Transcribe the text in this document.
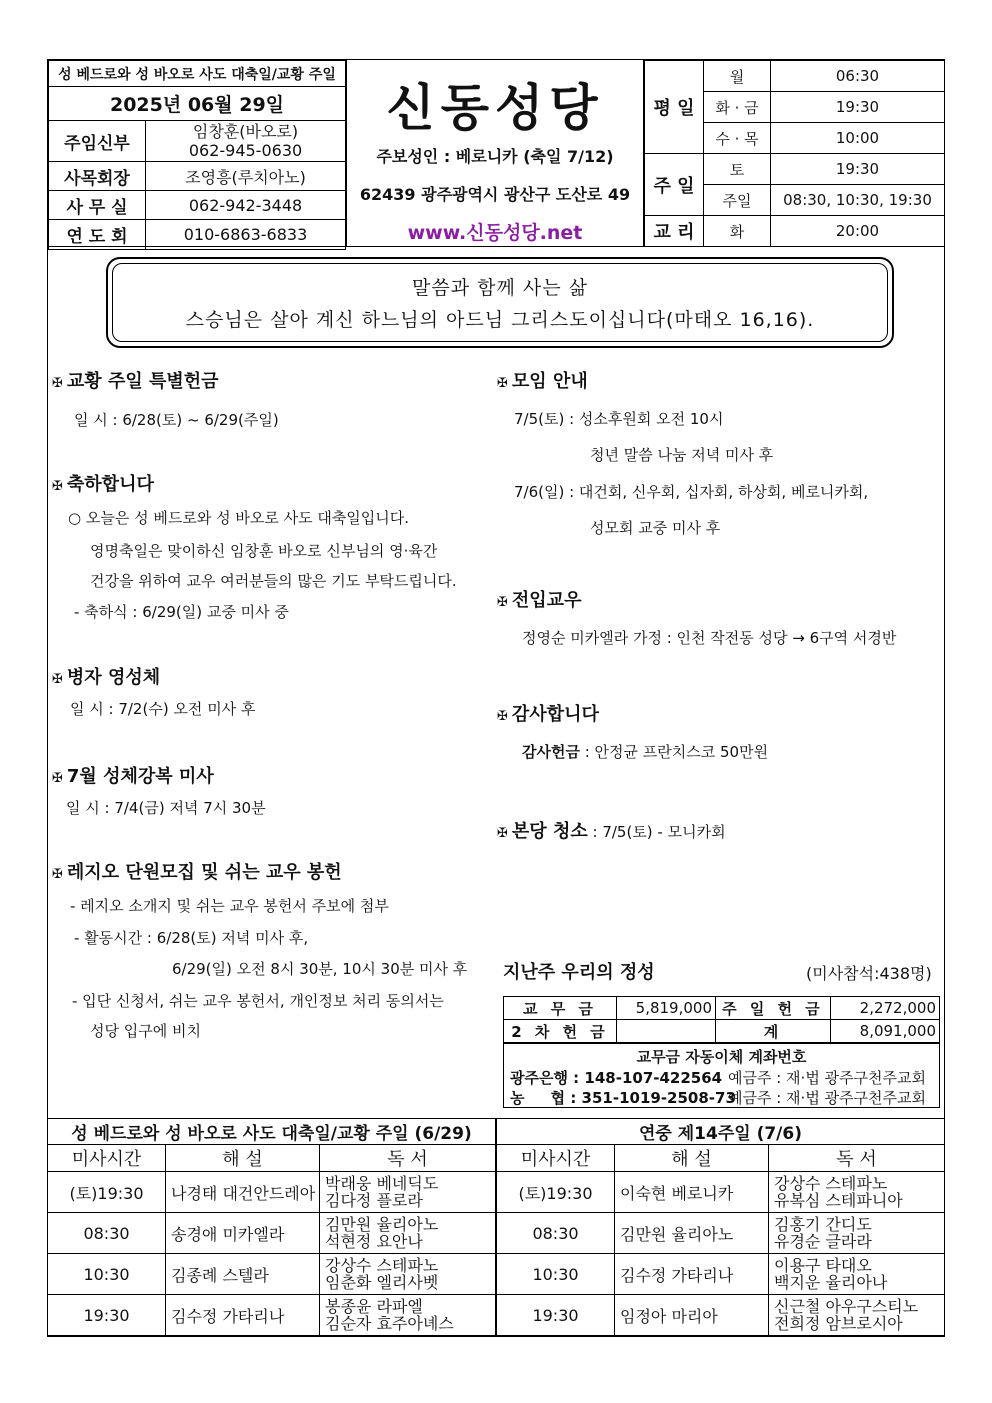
성 베드로와 성 바오로 사도 대축일/교황 주일	
2025년 06월 29일	
주임신부	임창훈(바오로)
062-945-0630

사목회장	조영흥(루치아노)
사 무 실	062-942-3448
연 도 회	010-6863-6833
신동성당
주보성인 : 베로니카 (축일 7/12)
62439 광주광역시 광산구 도산로 49
www.신동성당.net
평 일	월	06:30
	화 · 금	19:30
	수 · 목	10:00
주 일	토	19:30
	주일	08:30, 10:30, 19:30
교 리	화	20:00
말씀과 함께 사는 삶
스승님은 살아 계신 하느님의 아드님 그리스도이십니다(마태오 16,16).
✠ 교황 주일 특별헌금
일 시 : 6/28(토) ~ 6/29(주일)
✠ 축하합니다
○ 오늘은 성 베드로와 성 바오로 사도 대축일입니다.
영명축일은 맞이하신 임창훈 바오로 신부님의 영·육간
건강을 위하여 교우 여러분들의 많은 기도 부탁드립니다.
- 축하식 : 6/29(일) 교중 미사 중
✠ 병자 영성체
일 시 : 7/2(수) 오전 미사 후
✠ 7월 성체강복 미사
일 시 : 7/4(금) 저녁 7시 30분
✠ 레지오 단원모집 및 쉬는 교우 봉헌
- 레지오 소개지 및 쉬는 교우 봉헌서 주보에 첨부
- 활동시간 : 6/28(토) 저녁 미사 후,
6/29(일) 오전 8시 30분, 10시 30분 미사 후
- 입단 신청서, 쉬는 교우 봉헌서, 개인정보 처리 동의서는
성당 입구에 비치
✠ 모임 안내
7/5(토) : 성소후원회 오전 10시
청년 말씀 나눔 저녁 미사 후
7/6(일) : 대건회, 신우회, 십자회, 하상회, 베로니카회,
성모회 교중 미사 후
✠ 전입교우
정영순 미카엘라 가정 : 인천 작전동 성당 → 6구역 서경반
✠ 감사합니다
감사헌금 : 안정균 프란치스코 50만원
✠ 본당 청소 : 7/5(토) - 모니카회
지난주 우리의 정성	(미사참석:438명)
교 무 금	5,819,000	주 일 헌 금	2,272,000
2 차 헌 금		계	8,091,000
교무금 자동이체 계좌번호
광주은행 : 148-107-422564 예금주 : 재·법 광주구천주교회
농     협 : 351-1019-2508-73
예금주 : 재·법 광주구천주교회
성 베드로와 성 바오로 사도 대축일/교황 주일 (6/29)		
미사시간	해 설	독 서
(토)19:30	나경태 대건안드레아	박래웅 베네딕도
김다정 플로라

08:30	송경애 미카엘라	김만원 율리아노
석현정 요안나

10:30	김종례 스텔라	강상수 스테파노
임춘화 엘리사벳

19:30	김수정 가타리나	봉종윤 라파엘
김순자 효주아녜스
연중 제14주일 (7/6)		
미사시간	해 설	독 서
(토)19:30	이숙현 베로니카	강상수 스테파노
유복심 스테파니아

08:30	김만원 율리아노	김홍기 간디도
유경순 글라라

10:30	김수정 가타리나	이용구 타대오
백지운 율리아나

19:30	임정아 마리아	신근철 아우구스티노
전희정 암브로시아
